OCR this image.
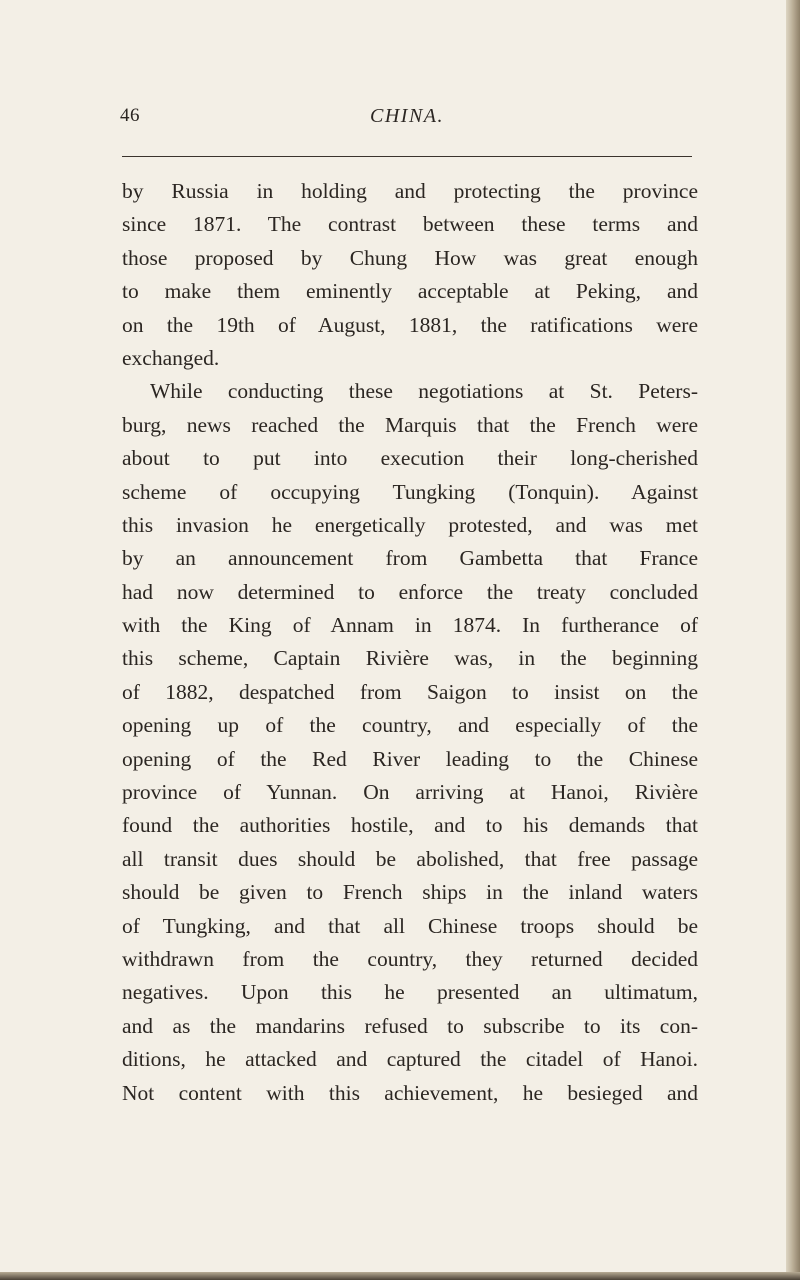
46	CHINA.
by Russia in holding and protecting the province
since 1871. The contrast between these terms and
those proposed by Chung How was great enough
to make them eminently acceptable at Peking, and
on the 19th of August, 1881, the ratifications were
exchanged.
While conducting these negotiations at St. Peters-
burg, news reached the Marquis that the French were
about to put into execution their long-cherished
scheme of occupying Tungking (Tonquin). Against
this invasion he energetically protested, and was met
by an announcement from Gambetta that France
had now determined to enforce the treaty concluded
with the King of Annam in 1874. In furtherance of
this scheme, Captain Rivière was, in the beginning
of 1882, despatched from Saigon to insist on the
opening up of the country, and especially of the
opening of the Red River leading to the Chinese
province of Yunnan. On arriving at Hanoi, Rivière
found the authorities hostile, and to his demands that
all transit dues should be abolished, that free passage
should be given to French ships in the inland waters
of Tungking, and that all Chinese troops should be
withdrawn from the country, they returned decided
negatives. Upon this he presented an ultimatum,
and as the mandarins refused to subscribe to its con-
ditions, he attacked and captured the citadel of Hanoi.
Not content with this achievement, he besieged and
